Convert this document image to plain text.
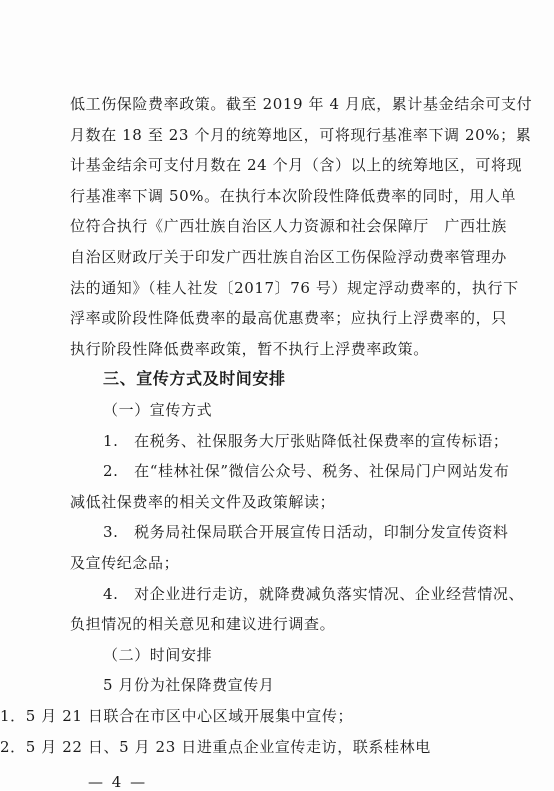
低工伤保险费率政策。截至 2019 年 4 月底，累计基金结余可支付
月数在 18 至 23 个月的统筹地区，可将现行基准率下调 20%；累
计基金结余可支付月数在 24 个月（含）以上的统筹地区，可将现
行基准率下调 50%。在执行本次阶段性降低费率的同时，用人单
位符合执行《广西壮族自治区人力资源和社会保障厅　广西壮族
自治区财政厅关于印发广西壮族自治区工伤保险浮动费率管理办
法的通知》（桂人社发〔2017〕76 号）规定浮动费率的，执行下
浮率或阶段性降低费率的最高优惠费率；应执行上浮费率的，只
执行阶段性降低费率政策，暂不执行上浮费率政策。
三、宣传方式及时间安排
（一）宣传方式
1.　在税务、社保服务大厅张贴降低社保费率的宣传标语；
2.　在“桂林社保”微信公众号、税务、社保局门户网站发布
减低社保费率的相关文件及政策解读；
3.　税务局社保局联合开展宣传日活动，印制分发宣传资料
及宣传纪念品；
4.　对企业进行走访，就降费减负落实情况、企业经营情况、
负担情况的相关意见和建议进行调查。
（二）时间安排
5 月份为社保降费宣传月
1．5 月 21 日联合在市区中心区域开展集中宣传；
2．5 月 22 日、5 月 23 日进重点企业宣传走访，联系桂林电
— 4 —
